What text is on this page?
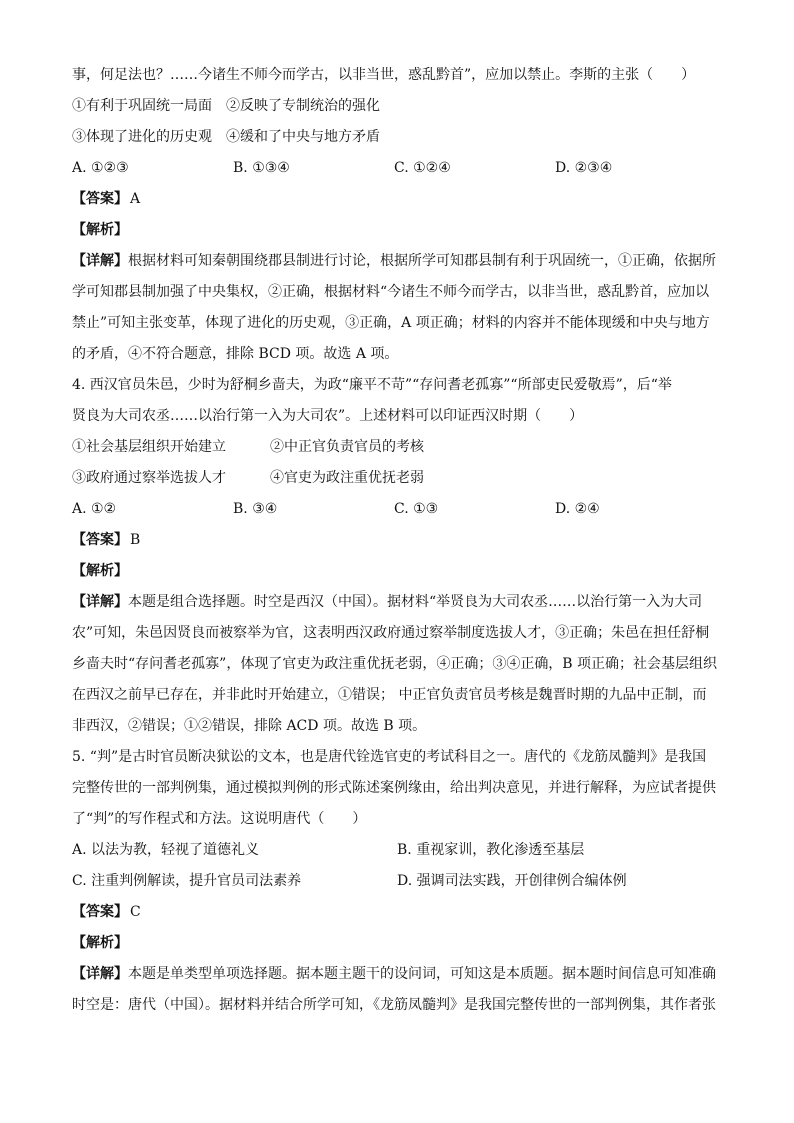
事，何足法也？……今诸生不师今而学古，以非当世，惑乱黔首”，应加以禁止。李斯的主张（　　）
①有利于巩固统一局面　②反映了专制统治的强化
③体现了进化的历史观　④缓和了中央与地方矛盾
A. ①②③	B. ①③④	C. ①②④	D. ②③④
【答案】 A
【解析】
【详解】根据材料可知秦朝围绕郡县制进行讨论，根据所学可知郡县制有利于巩固统一，①正确，依据所
学可知郡县制加强了中央集权，②正确，根据材料“今诸生不师今而学古，以非当世，惑乱黔首，应加以
禁止”可知主张变革，体现了进化的历史观，③正确，A 项正确；材料的内容并不能体现缓和中央与地方
的矛盾，④不符合题意，排除 BCD 项。故选 A 项。
4. 西汉官员朱邑，少时为舒桐乡啬夫，为政“廉平不苛”“存问耆老孤寡”“所部吏民爱敬焉”，后“举
贤良为大司农丞……以治行第一入为大司农”。上述材料可以印证西汉时期（　　）
①社会基层组织开始建立	②中正官负责官员的考核
③政府通过察举选拔人才	④官吏为政注重优抚老弱
A. ①②	B. ③④	C. ①③	D. ②④
【答案】 B
【解析】
【详解】本题是组合选择题。时空是西汉（中国）。据材料“举贤良为大司农丞……以治行第一入为大司
农”可知，朱邑因贤良而被察举为官，这表明西汉政府通过察举制度选拔人才，③正确；朱邑在担任舒桐
乡啬夫时“存问耆老孤寡”，体现了官吏为政注重优抚老弱，④正确；③④正确，B 项正确；社会基层组织
在西汉之前早已存在，并非此时开始建立，①错误； 中正官负责官员考核是魏晋时期的九品中正制，而
非西汉，②错误；①②错误，排除 ACD 项。故选 B 项。
5. “判”是古时官员断决狱讼的文本，也是唐代铨选官吏的考试科目之一。唐代的《龙筋凤髓判》是我国
完整传世的一部判例集，通过模拟判例的形式陈述案例缘由，给出判决意见，并进行解释，为应试者提供
了“判”的写作程式和方法。这说明唐代（　　）
A. 以法为教，轻视了道德礼义	B. 重视家训，教化渗透至基层
C. 注重判例解读，提升官员司法素养	D. 强调司法实践，开创律例合编体例
【答案】 C
【解析】
【详解】本题是单类型单项选择题。据本题主题干的设问词，可知这是本质题。据本题时间信息可知准确
时空是：唐代（中国）。据材料并结合所学可知，《龙筋凤髓判》是我国完整传世的一部判例集，其作者张
